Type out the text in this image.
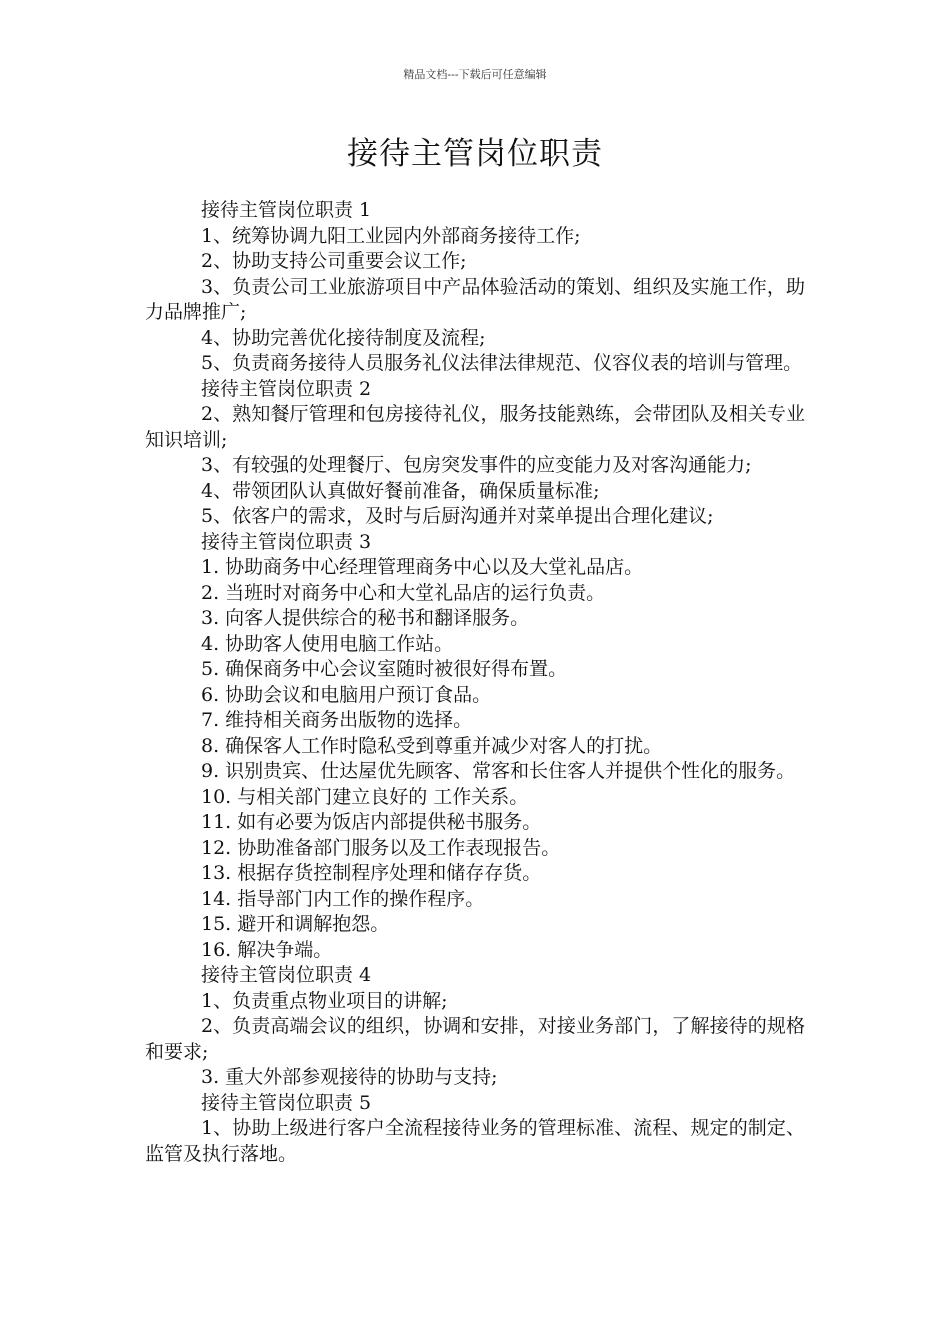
精品文档---下载后可任意编辑
接待主管岗位职责

接待主管岗位职责 1

1、统筹协调九阳工业园内外部商务接待工作;

2、协助支持公司重要会议工作;

3、负责公司工业旅游项目中产品体验活动的策划、组织及实施工作，助力品牌推广;

4、协助完善优化接待制度及流程;

5、负责商务接待人员服务礼仪法律法律规范、仪容仪表的培训与管理。

接待主管岗位职责 2

2、熟知餐厅管理和包房接待礼仪，服务技能熟练，会带团队及相关专业知识培训;

3、有较强的处理餐厅、包房突发事件的应变能力及对客沟通能力;

4、带领团队认真做好餐前准备，确保质量标准;

5、依客户的需求，及时与后厨沟通并对菜单提出合理化建议;

接待主管岗位职责 3

1. 协助商务中心经理管理商务中心以及大堂礼品店。

2. 当班时对商务中心和大堂礼品店的运行负责。

3. 向客人提供综合的秘书和翻译服务。

4. 协助客人使用电脑工作站。

5. 确保商务中心会议室随时被很好得布置。

6. 协助会议和电脑用户预订食品。

7. 维持相关商务出版物的选择。

8. 确保客人工作时隐私受到尊重并减少对客人的打扰。

9. 识别贵宾、仕达屋优先顾客、常客和长住客人并提供个性化的服务。

10. 与相关部门建立良好的 工作关系。

11. 如有必要为饭店内部提供秘书服务。

12. 协助准备部门服务以及工作表现报告。

13. 根据存货控制程序处理和储存存货。

14. 指导部门内工作的操作程序。

15. 避开和调解抱怨。

16. 解决争端。

接待主管岗位职责 4

1、负责重点物业项目的讲解;

2、负责高端会议的组织，协调和安排，对接业务部门，了解接待的规格和要求;

3. 重大外部参观接待的协助与支持;

接待主管岗位职责 5

1、协助上级进行客户全流程接待业务的管理标准、流程、规定的制定、监管及执行落地。
